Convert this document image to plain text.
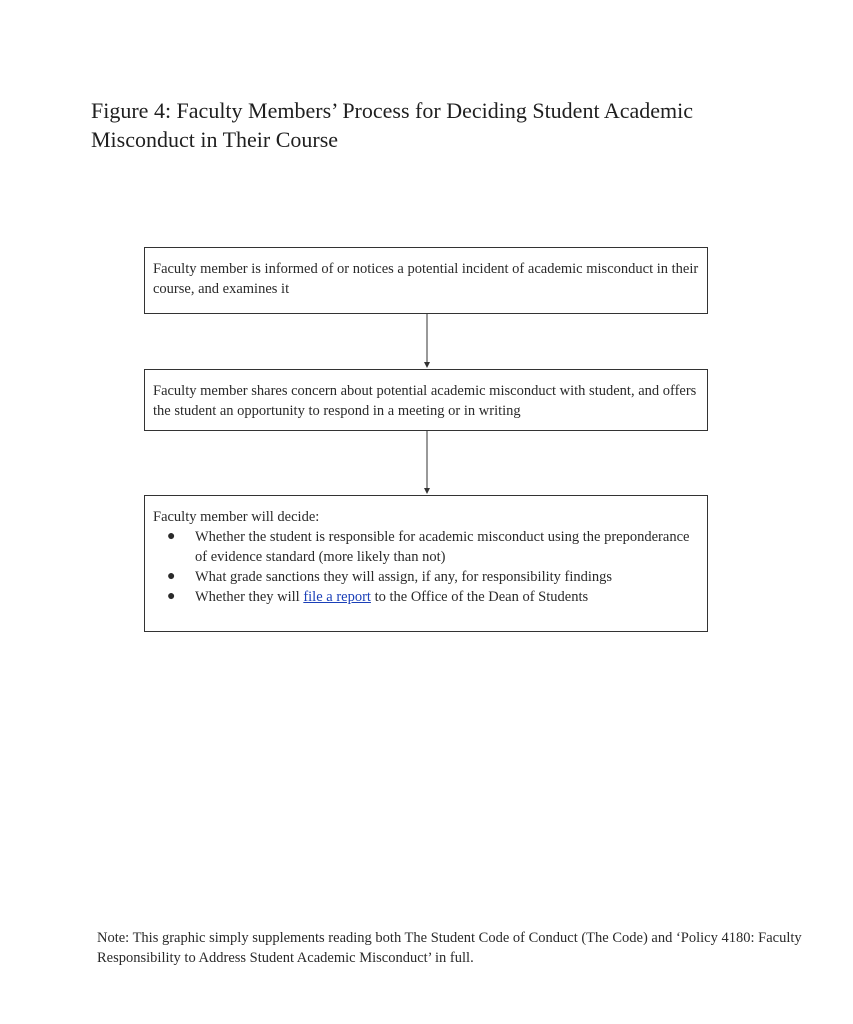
Figure 4: Faculty Members’ Process for Deciding Student Academic Misconduct in Their Course

Faculty member is informed of or notices a potential incident of academic misconduct in their course, and examines it

Faculty member shares concern about potential academic misconduct with student, and offers the student an opportunity to respond in a meeting or in writing

Faculty member will decide:

● Whether the student is responsible for academic misconduct using the preponderance of evidence standard (more likely than not)
● What grade sanctions they will assign, if any, for responsibility findings
● Whether they will file a report to the Office of the Dean of Students

Note: This graphic simply supplements reading both The Student Code of Conduct (The Code) and ‘Policy 4180: Faculty Responsibility to Address Student Academic Misconduct’ in full.
